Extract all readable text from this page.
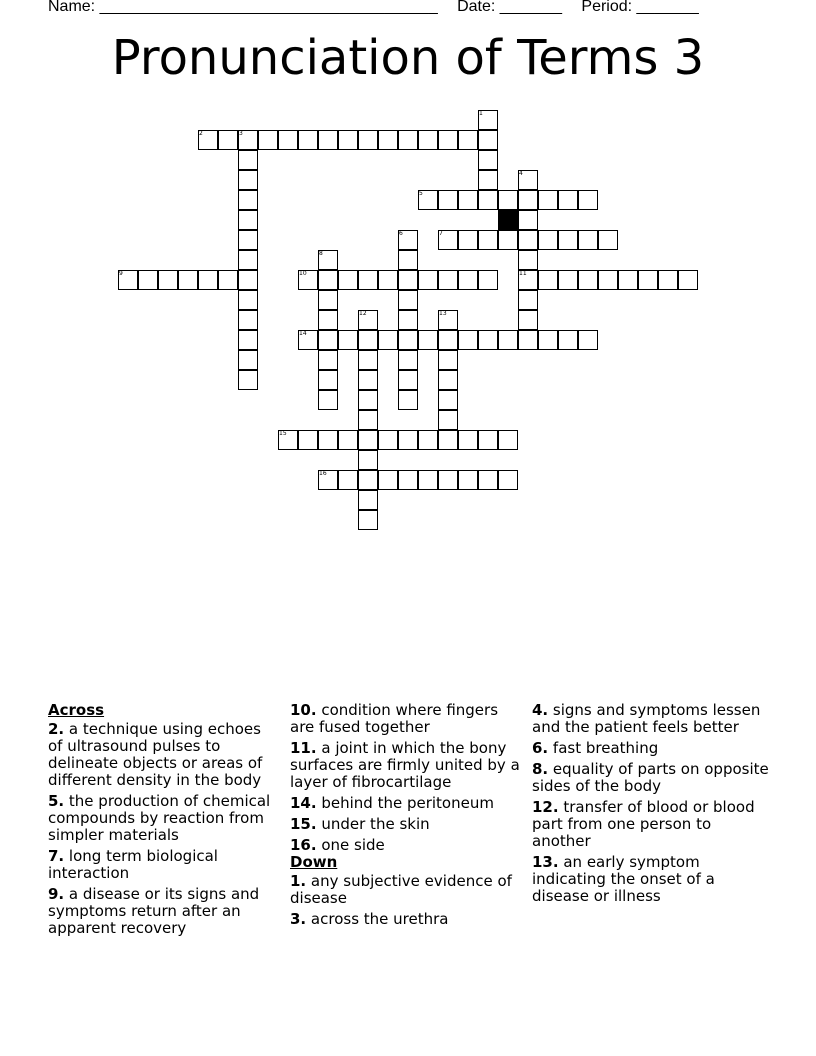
Name: ______________________________________ Date: _______ Period: _______
Pronunciation of Terms 3
1
2	3
4
5
6	7
8
9	10	11
12	13
14
15
16
Across
2. a technique using echoes of ultrasound pulses to delineate objects or areas of different density in the body
5. the production of chemical compounds by reaction from simpler materials
7. long term biological interaction
9. a disease or its signs and symptoms return after an apparent recovery
10. condition where fingers are fused together
11. a joint in which the bony surfaces are firmly united by a layer of fibrocartilage
14. behind the peritoneum
15. under the skin
16. one side
Down
1. any subjective evidence of disease
3. across the urethra
4. signs and symptoms lessen and the patient feels better
6. fast breathing
8. equality of parts on opposite sides of the body
12. transfer of blood or blood part from one person to another
13. an early symptom indicating the onset of a disease or illness
